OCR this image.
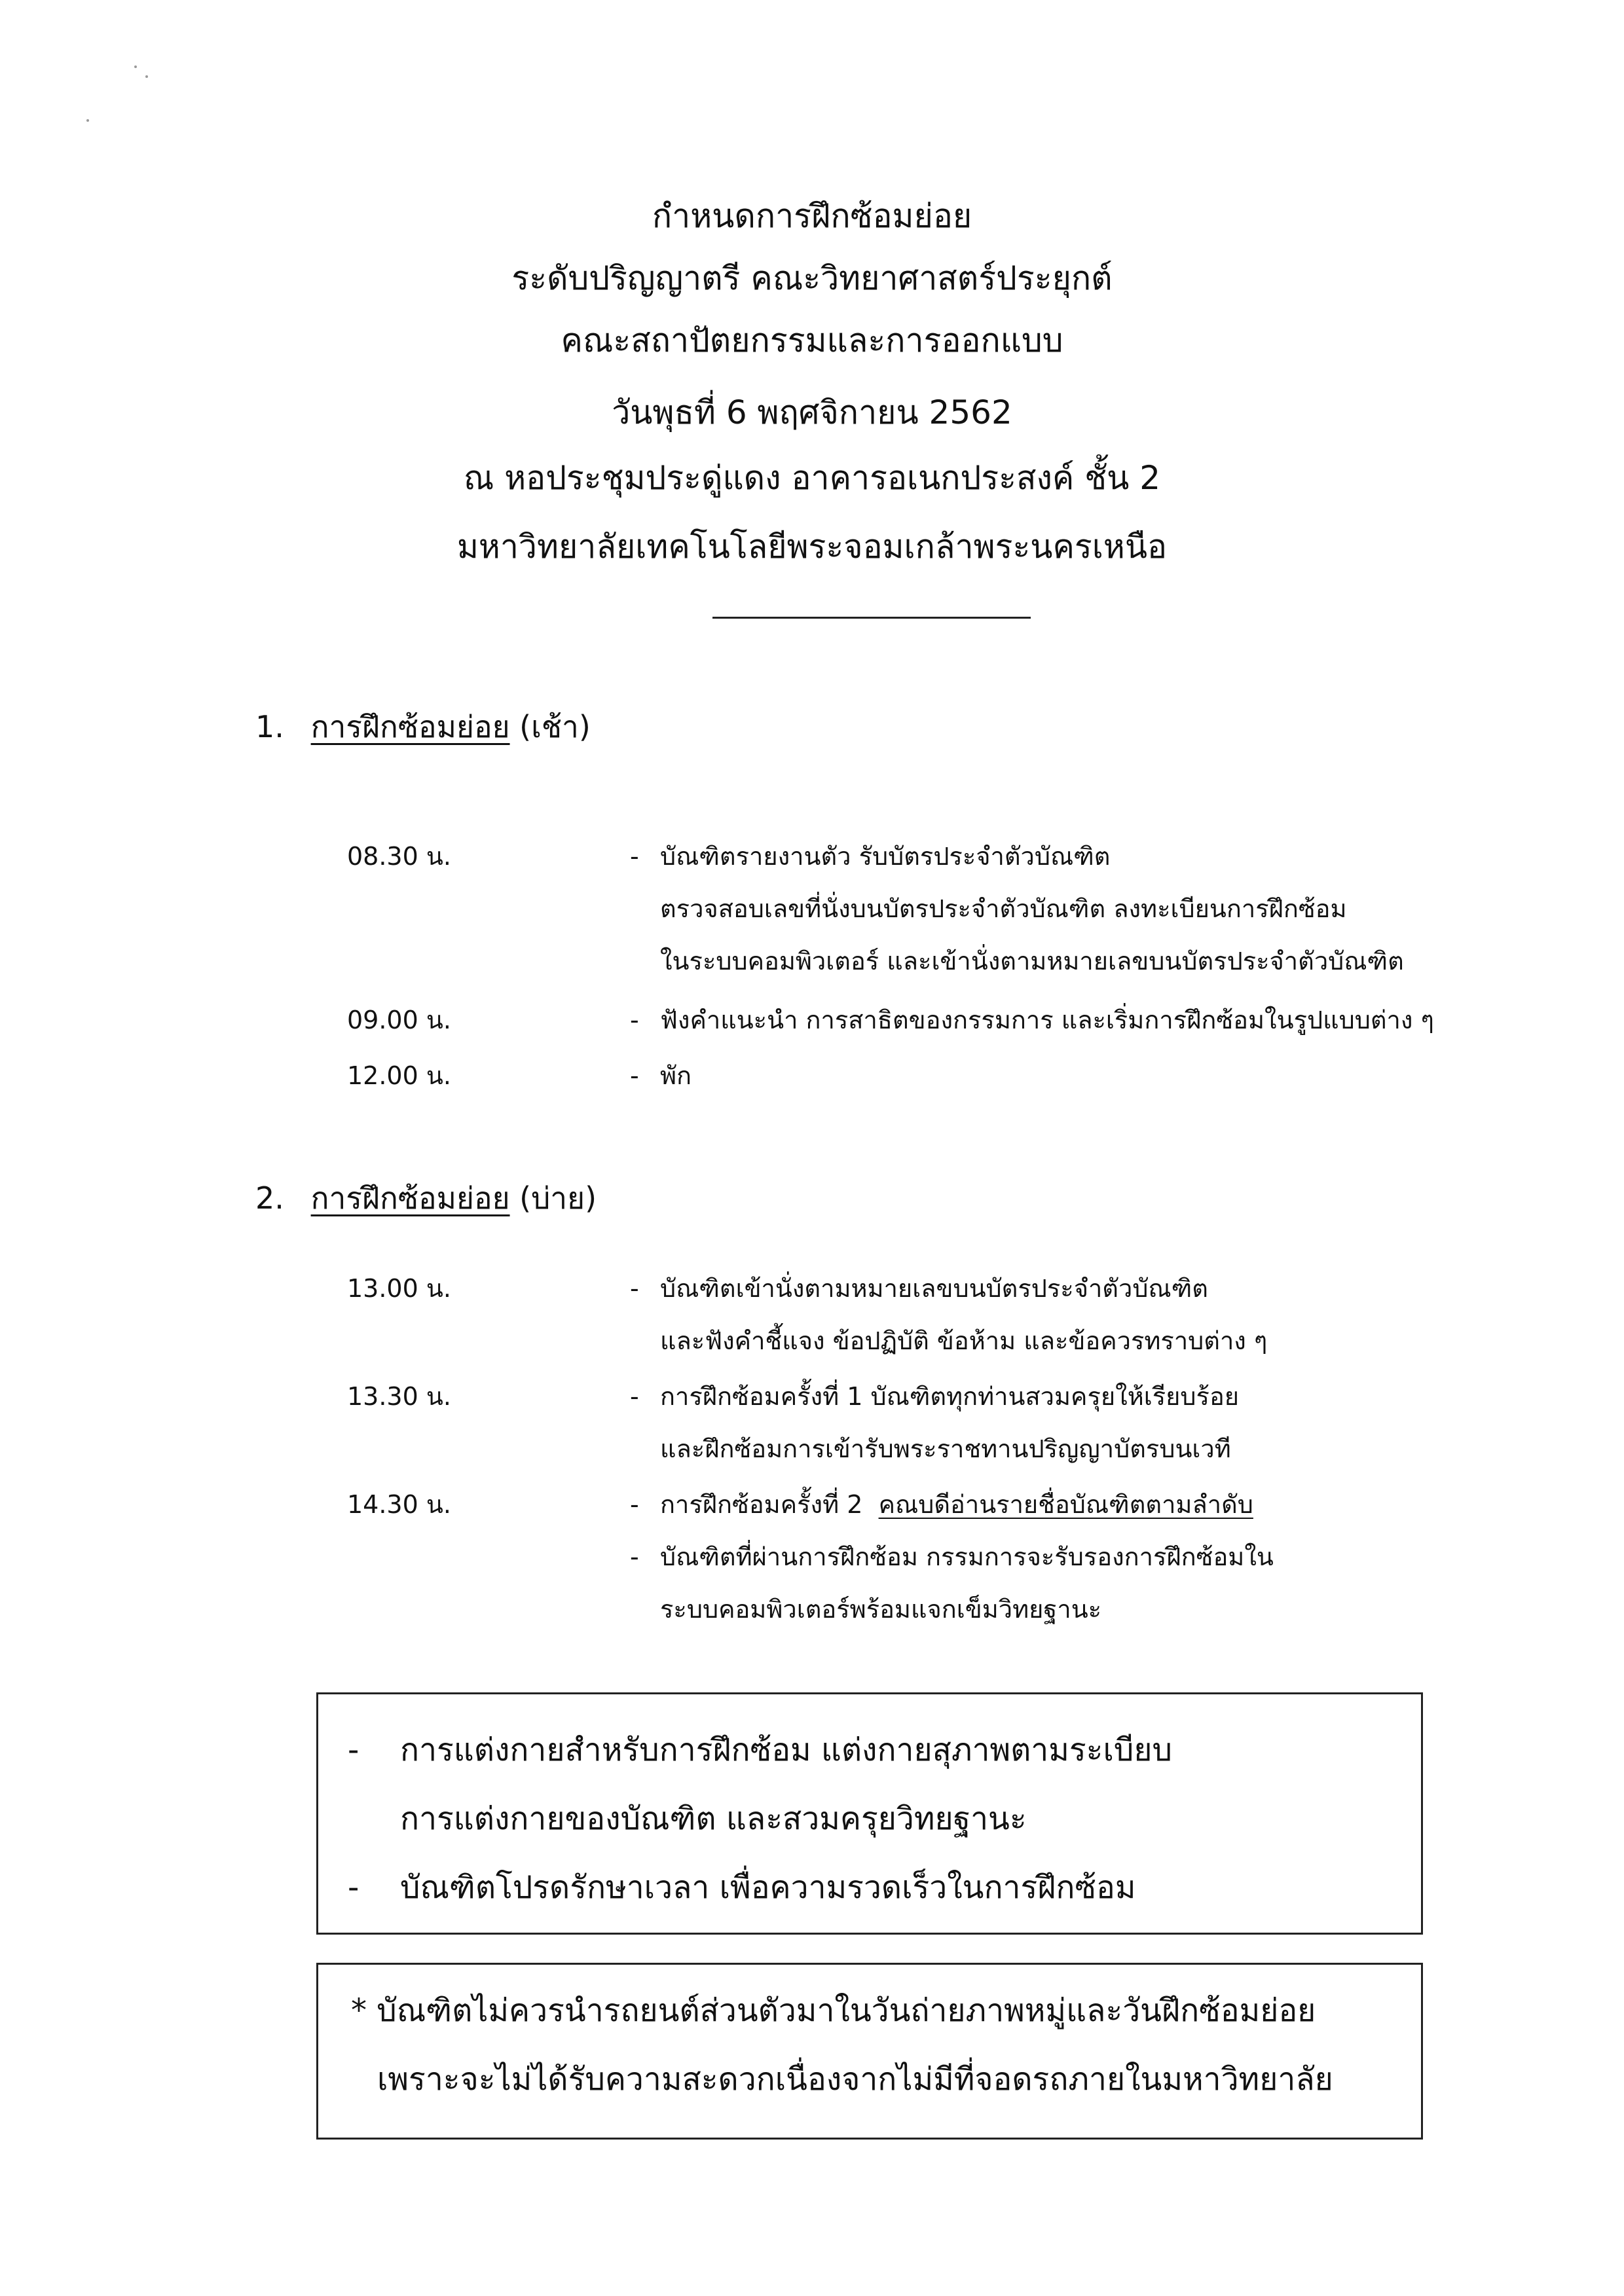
กำหนดการฝึกซ้อมย่อย
ระดับปริญญาตรี คณะวิทยาศาสตร์ประยุกต์
คณะสถาปัตยกรรมและการออกแบบ
วันพุธที่ 6 พฤศจิกายน 2562
ณ หอประชุมประดู่แดง อาคารอเนกประสงค์ ชั้น 2
มหาวิทยาลัยเทคโนโลยีพระจอมเกล้าพระนครเหนือ
1. การฝึกซ้อมย่อย (เช้า)
08.30 น.	- บัณฑิตรายงานตัว รับบัตรประจำตัวบัณฑิต
ตรวจสอบเลขที่นั่งบนบัตรประจำตัวบัณฑิต ลงทะเบียนการฝึกซ้อม
ในระบบคอมพิวเตอร์ และเข้านั่งตามหมายเลขบนบัตรประจำตัวบัณฑิต
09.00 น.	- ฟังคำแนะนำ การสาธิตของกรรมการ และเริ่มการฝึกซ้อมในรูปแบบต่าง ๆ
12.00 น.	- พัก
2. การฝึกซ้อมย่อย (บ่าย)
13.00 น.	- บัณฑิตเข้านั่งตามหมายเลขบนบัตรประจำตัวบัณฑิต
และฟังคำชี้แจง ข้อปฏิบัติ ข้อห้าม และข้อควรทราบต่าง ๆ
13.30 น.	- การฝึกซ้อมครั้งที่ 1 บัณฑิตทุกท่านสวมครุยให้เรียบร้อย
และฝึกซ้อมการเข้ารับพระราชทานปริญญาบัตรบนเวที
14.30 น.	- การฝึกซ้อมครั้งที่ 2 คณบดีอ่านรายชื่อบัณฑิตตามลำดับ
- บัณฑิตที่ผ่านการฝึกซ้อม กรรมการจะรับรองการฝึกซ้อมใน
ระบบคอมพิวเตอร์พร้อมแจกเข็มวิทยฐานะ
- การแต่งกายสำหรับการฝึกซ้อม แต่งกายสุภาพตามระเบียบ
การแต่งกายของบัณฑิต และสวมครุยวิทยฐานะ
- บัณฑิตโปรดรักษาเวลา เพื่อความรวดเร็วในการฝึกซ้อม
* บัณฑิตไม่ควรนำรถยนต์ส่วนตัวมาในวันถ่ายภาพหมู่และวันฝึกซ้อมย่อย
เพราะจะไม่ได้รับความสะดวกเนื่องจากไม่มีที่จอดรถภายในมหาวิทยาลัย
